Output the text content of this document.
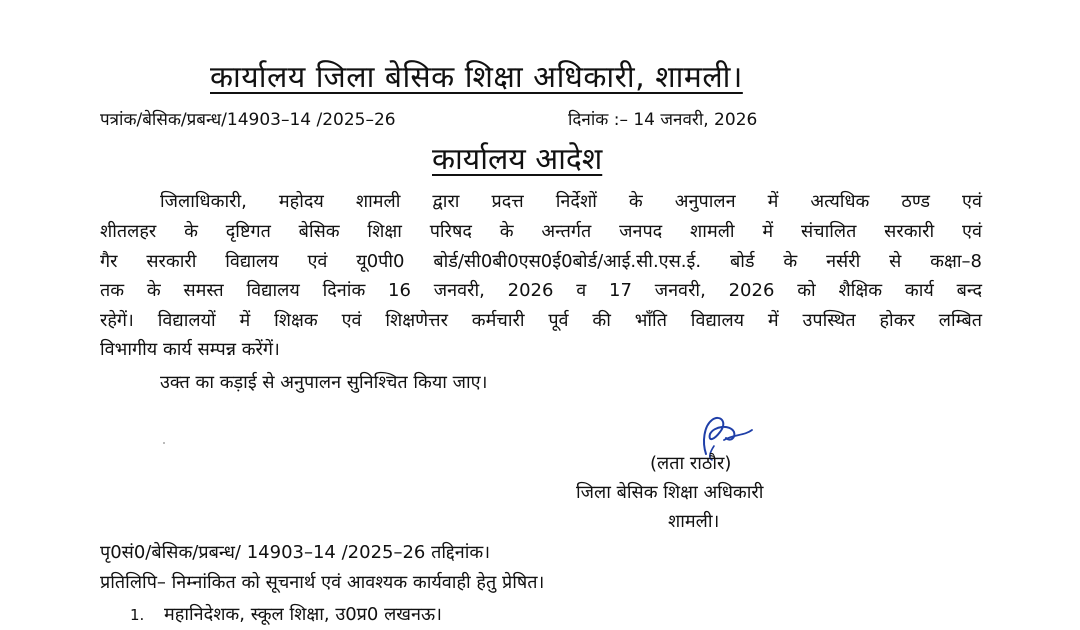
कार्यालय जिला बेसिक शिक्षा अधिकारी, शामली।
पत्रांक/बेसिक/प्रबन्ध/14903–14 /2025–26	दिनांक :– 14 जनवरी, 2026
कार्यालय आदेश
जिलाधिकारी, महोदय शामली द्वारा प्रदत्त निर्देशों के अनुपालन में अत्यधिक ठण्ड एवं
शीतलहर के दृष्टिगत बेसिक शिक्षा परिषद के अन्तर्गत जनपद शामली में संचालित सरकारी एवं
गैर सरकारी विद्यालय एवं यू0पी0 बोर्ड/सी0बी0एस0ई0बोर्ड/आई.सी.एस.ई. बोर्ड के नर्सरी से कक्षा–8
तक के समस्त विद्यालय दिनांक 16 जनवरी, 2026 व 17 जनवरी, 2026 को शैक्षिक कार्य बन्द
रहेगें। विद्यालयों में शिक्षक एवं शिक्षणेत्तर कर्मचारी पूर्व की भाँति विद्यालय में उपस्थित होकर लम्बित
विभागीय कार्य सम्पन्न करेंगें।
उक्त का कड़ाई से अनुपालन सुनिश्चित किया जाए।
(लता राठौर)
जिला बेसिक शिक्षा अधिकारी
शामली।
पृ0सं0/बेसिक/प्रबन्ध/ 14903–14 /2025–26 तद्दिनांक।
प्रतिलिपि– निम्नांकित को सूचनार्थ एवं आवश्यक कार्यवाही हेतु प्रेषित।
1. महानिदेशक, स्कूल शिक्षा, उ0प्र0 लखनऊ।
